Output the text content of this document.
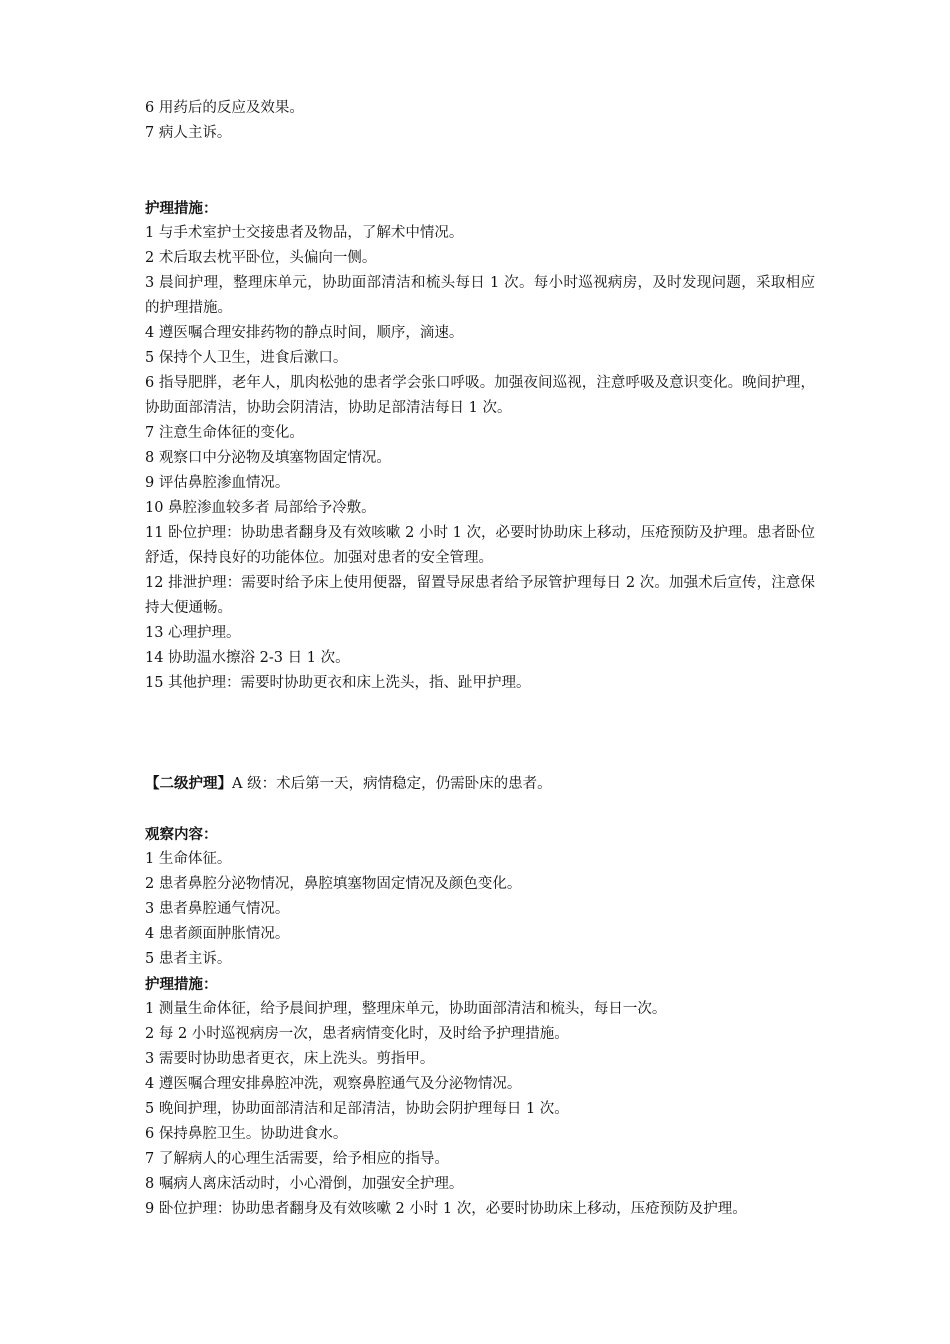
6 用药后的反应及效果。
7 病人主诉。
护理措施：
1 与手术室护士交接患者及物品，了解术中情况。
2 术后取去枕平卧位，头偏向一侧。
3 晨间护理，整理床单元，协助面部清洁和梳头每日 1 次。每小时巡视病房，及时发现问题，采取相应的护理措施。
4 遵医嘱合理安排药物的静点时间，顺序，滴速。
5 保持个人卫生，进食后漱口。
6 指导肥胖，老年人，肌肉松弛的患者学会张口呼吸。加强夜间巡视，注意呼吸及意识变化。晚间护理，协助面部清洁，协助会阴清洁，协助足部清洁每日 1 次。
7 注意生命体征的变化。
8 观察口中分泌物及填塞物固定情况。
9 评估鼻腔渗血情况。
10 鼻腔渗血较多者 局部给予冷敷。
11 卧位护理：协助患者翻身及有效咳嗽 2 小时 1 次，必要时协助床上移动，压疮预防及护理。患者卧位舒适，保持良好的功能体位。加强对患者的安全管理。
12 排泄护理：需要时给予床上使用便器，留置导尿患者给予尿管护理每日 2 次。加强术后宣传，注意保持大便通畅。
13 心理护理。
14 协助温水擦浴 2-3 日 1 次。
15 其他护理：需要时协助更衣和床上洗头，指、趾甲护理。
【二级护理】A 级：术后第一天，病情稳定，仍需卧床的患者。
观察内容：
1 生命体征。
2 患者鼻腔分泌物情况，鼻腔填塞物固定情况及颜色变化。
3 患者鼻腔通气情况。
4 患者颜面肿胀情况。
5 患者主诉。
护理措施：
1 测量生命体征，给予晨间护理，整理床单元，协助面部清洁和梳头，每日一次。
2 每 2 小时巡视病房一次，患者病情变化时，及时给予护理措施。
3 需要时协助患者更衣，床上洗头。剪指甲。
4 遵医嘱合理安排鼻腔冲洗，观察鼻腔通气及分泌物情况。
5 晚间护理，协助面部清洁和足部清洁，协助会阴护理每日 1 次。
6 保持鼻腔卫生。协助进食水。
7 了解病人的心理生活需要，给予相应的指导。
8 嘱病人离床活动时，小心滑倒，加强安全护理。
9 卧位护理：协助患者翻身及有效咳嗽 2 小时 1 次，必要时协助床上移动，压疮预防及护理。
